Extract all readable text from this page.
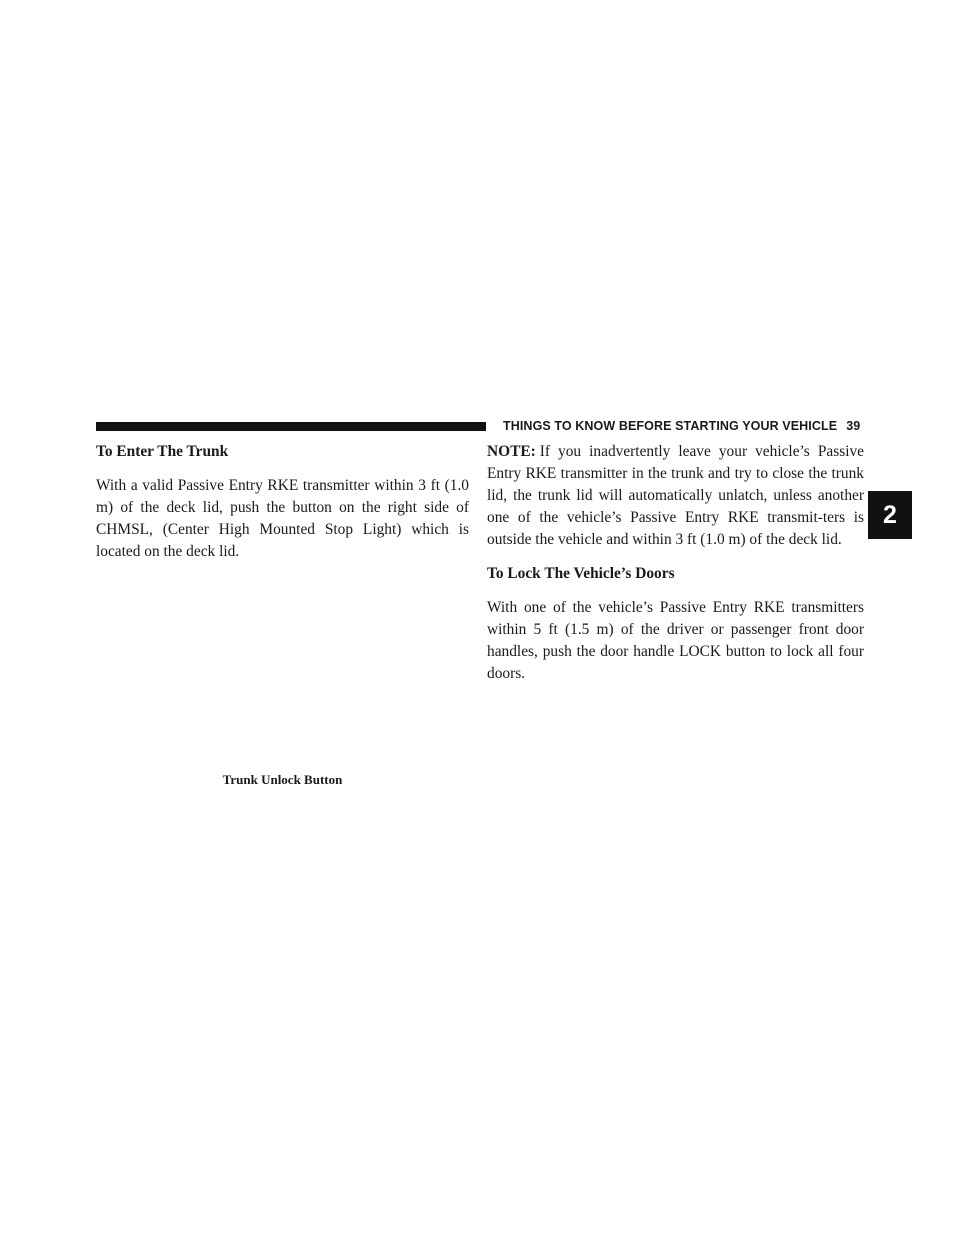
THINGS TO KNOW BEFORE STARTING YOUR VEHICLE 39
2
To Enter The Trunk

With a valid Passive Entry RKE transmitter within 3 ft (1.0 m) of the deck lid, push the button on the right side of CHMSL, (Center High Mounted Stop Light) which is located on the deck lid.

Trunk Unlock Button

NOTE: If you inadvertently leave your vehicle’s Passive Entry RKE transmitter in the trunk and try to close the trunk lid, the trunk lid will automatically unlatch, unless another one of the vehicle’s Passive Entry RKE transmit-ters is outside the vehicle and within 3 ft (1.0 m) of the deck lid.

To Lock The Vehicle’s Doors

With one of the vehicle’s Passive Entry RKE transmitters within 5 ft (1.5 m) of the driver or passenger front door handles, push the door handle LOCK button to lock all four doors.
